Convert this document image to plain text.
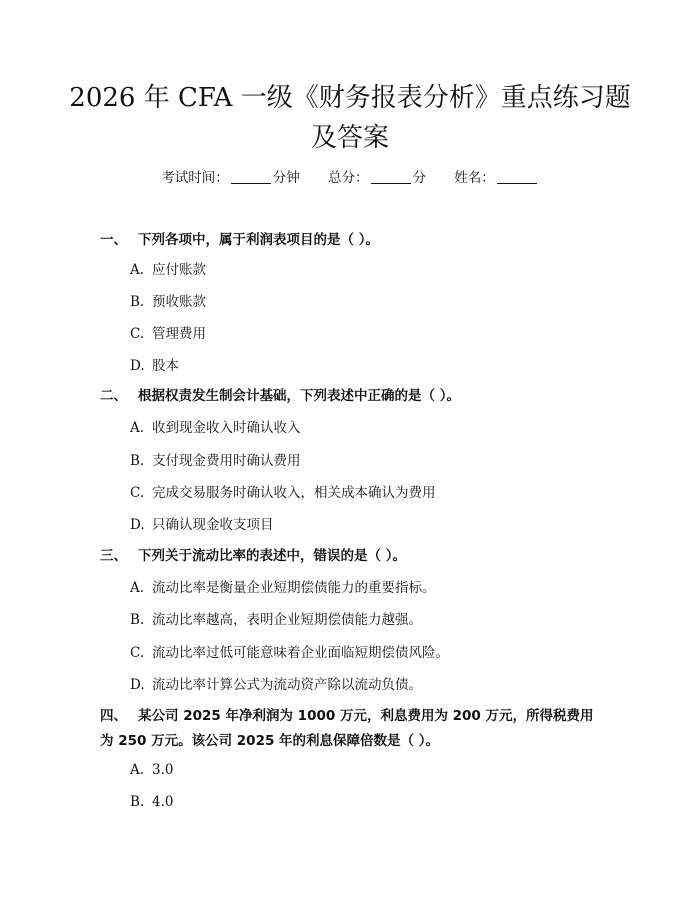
2026 年 CFA 一级《财务报表分析》重点练习题及答案
考试时间：	分钟 总分：	分 姓名：
一、 下列各项中，属于利润表项目的是（ ）。
A. 应付账款
B. 预收账款
C. 管理费用
D. 股本
二、 根据权责发生制会计基础，下列表述中正确的是（ ）。
A. 收到现金收入时确认收入
B. 支付现金费用时确认费用
C. 完成交易服务时确认收入，相关成本确认为费用
D. 只确认现金收支项目
三、 下列关于流动比率的表述中，错误的是（ ）。
A. 流动比率是衡量企业短期偿债能力的重要指标。
B. 流动比率越高，表明企业短期偿债能力越强。
C. 流动比率过低可能意味着企业面临短期偿债风险。
D. 流动比率计算公式为流动资产除以流动负债。
四、 某公司 2025 年净利润为 1000 万元，利息费用为 200 万元，所得税费用为 250 万元。该公司 2025 年的利息保障倍数是（ ）。
A. 3.0
B. 4.0
